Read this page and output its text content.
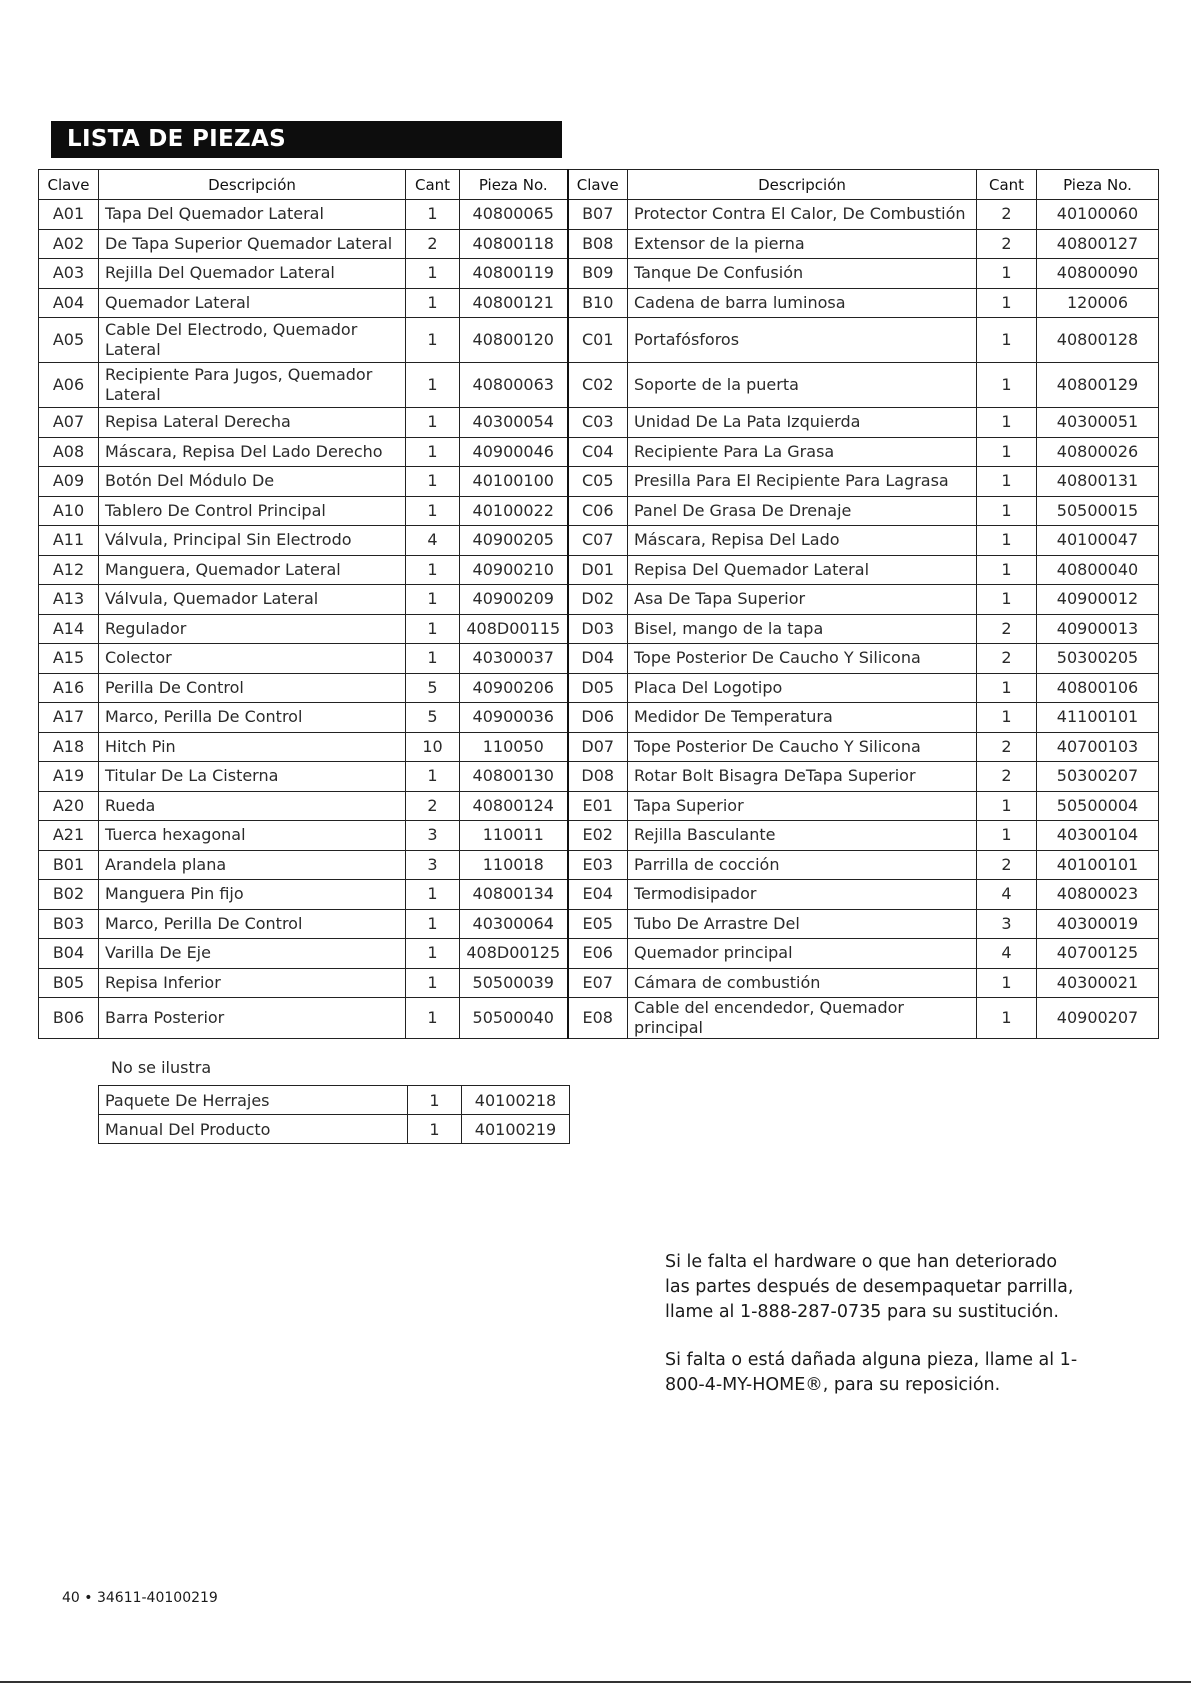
LISTA DE PIEZAS
Clave	Descripción	Cant	Pieza No.	Clave	Descripción	Cant	Pieza No.
A01	Tapa Del Quemador Lateral	1	40800065	B07	Protector Contra El Calor, De Combustión	2	40100060
A02	De Tapa Superior Quemador Lateral	2	40800118	B08	Extensor de la pierna	2	40800127
A03	Rejilla Del Quemador Lateral	1	40800119	B09	Tanque De Confusión	1	40800090
A04	Quemador Lateral	1	40800121	B10	Cadena de barra luminosa	1	120006
A05	Cable Del Electrodo, Quemador Lateral	1	40800120	C01	Portafósforos	1	40800128
A06	Recipiente Para Jugos, Quemador Lateral	1	40800063	C02	Soporte de la puerta	1	40800129
A07	Repisa Lateral Derecha	1	40300054	C03	Unidad De La Pata Izquierda	1	40300051
A08	Máscara, Repisa Del Lado Derecho	1	40900046	C04	Recipiente Para La Grasa	1	40800026
A09	Botón Del Módulo De	1	40100100	C05	Presilla Para El Recipiente Para Lagrasa	1	40800131
A10	Tablero De Control Principal	1	40100022	C06	Panel De Grasa De Drenaje	1	50500015
A11	Válvula, Principal Sin Electrodo	4	40900205	C07	Máscara, Repisa Del Lado	1	40100047
A12	Manguera, Quemador Lateral	1	40900210	D01	Repisa Del Quemador Lateral	1	40800040
A13	Válvula, Quemador Lateral	1	40900209	D02	Asa De Tapa Superior	1	40900012
A14	Regulador	1	408D00115	D03	Bisel, mango de la tapa	2	40900013
A15	Colector	1	40300037	D04	Tope Posterior De Caucho Y Silicona	2	50300205
A16	Perilla De Control	5	40900206	D05	Placa Del Logotipo	1	40800106
A17	Marco, Perilla De Control	5	40900036	D06	Medidor De Temperatura	1	41100101
A18	Hitch Pin	10	110050	D07	Tope Posterior De Caucho Y Silicona	2	40700103
A19	Titular De La Cisterna	1	40800130	D08	Rotar Bolt Bisagra DeTapa Superior	2	50300207
A20	Rueda	2	40800124	E01	Tapa Superior	1	50500004
A21	Tuerca hexagonal	3	110011	E02	Rejilla Basculante	1	40300104
B01	Arandela plana	3	110018	E03	Parrilla de cocción	2	40100101
B02	Manguera Pin fijo	1	40800134	E04	Termodisipador	4	40800023
B03	Marco, Perilla De Control	1	40300064	E05	Tubo De Arrastre Del	3	40300019
B04	Varilla De Eje	1	408D00125	E06	Quemador principal	4	40700125
B05	Repisa Inferior	1	50500039	E07	Cámara de combustión	1	40300021
B06	Barra Posterior	1	50500040	E08	Cable del encendedor, Quemador principal	1	40900207
No se ilustra
Paquete De Herrajes	1	40100218
Manual Del Producto	1	40100219
Si le falta el hardware o que han deteriorado las partes después de desempaquetar parrilla, llame al 1-888-287-0735 para su sustitución.
Si falta o está dañada alguna pieza, llame al 1-800-4-MY-HOME®, para su reposición.
40 • 34611-40100219
